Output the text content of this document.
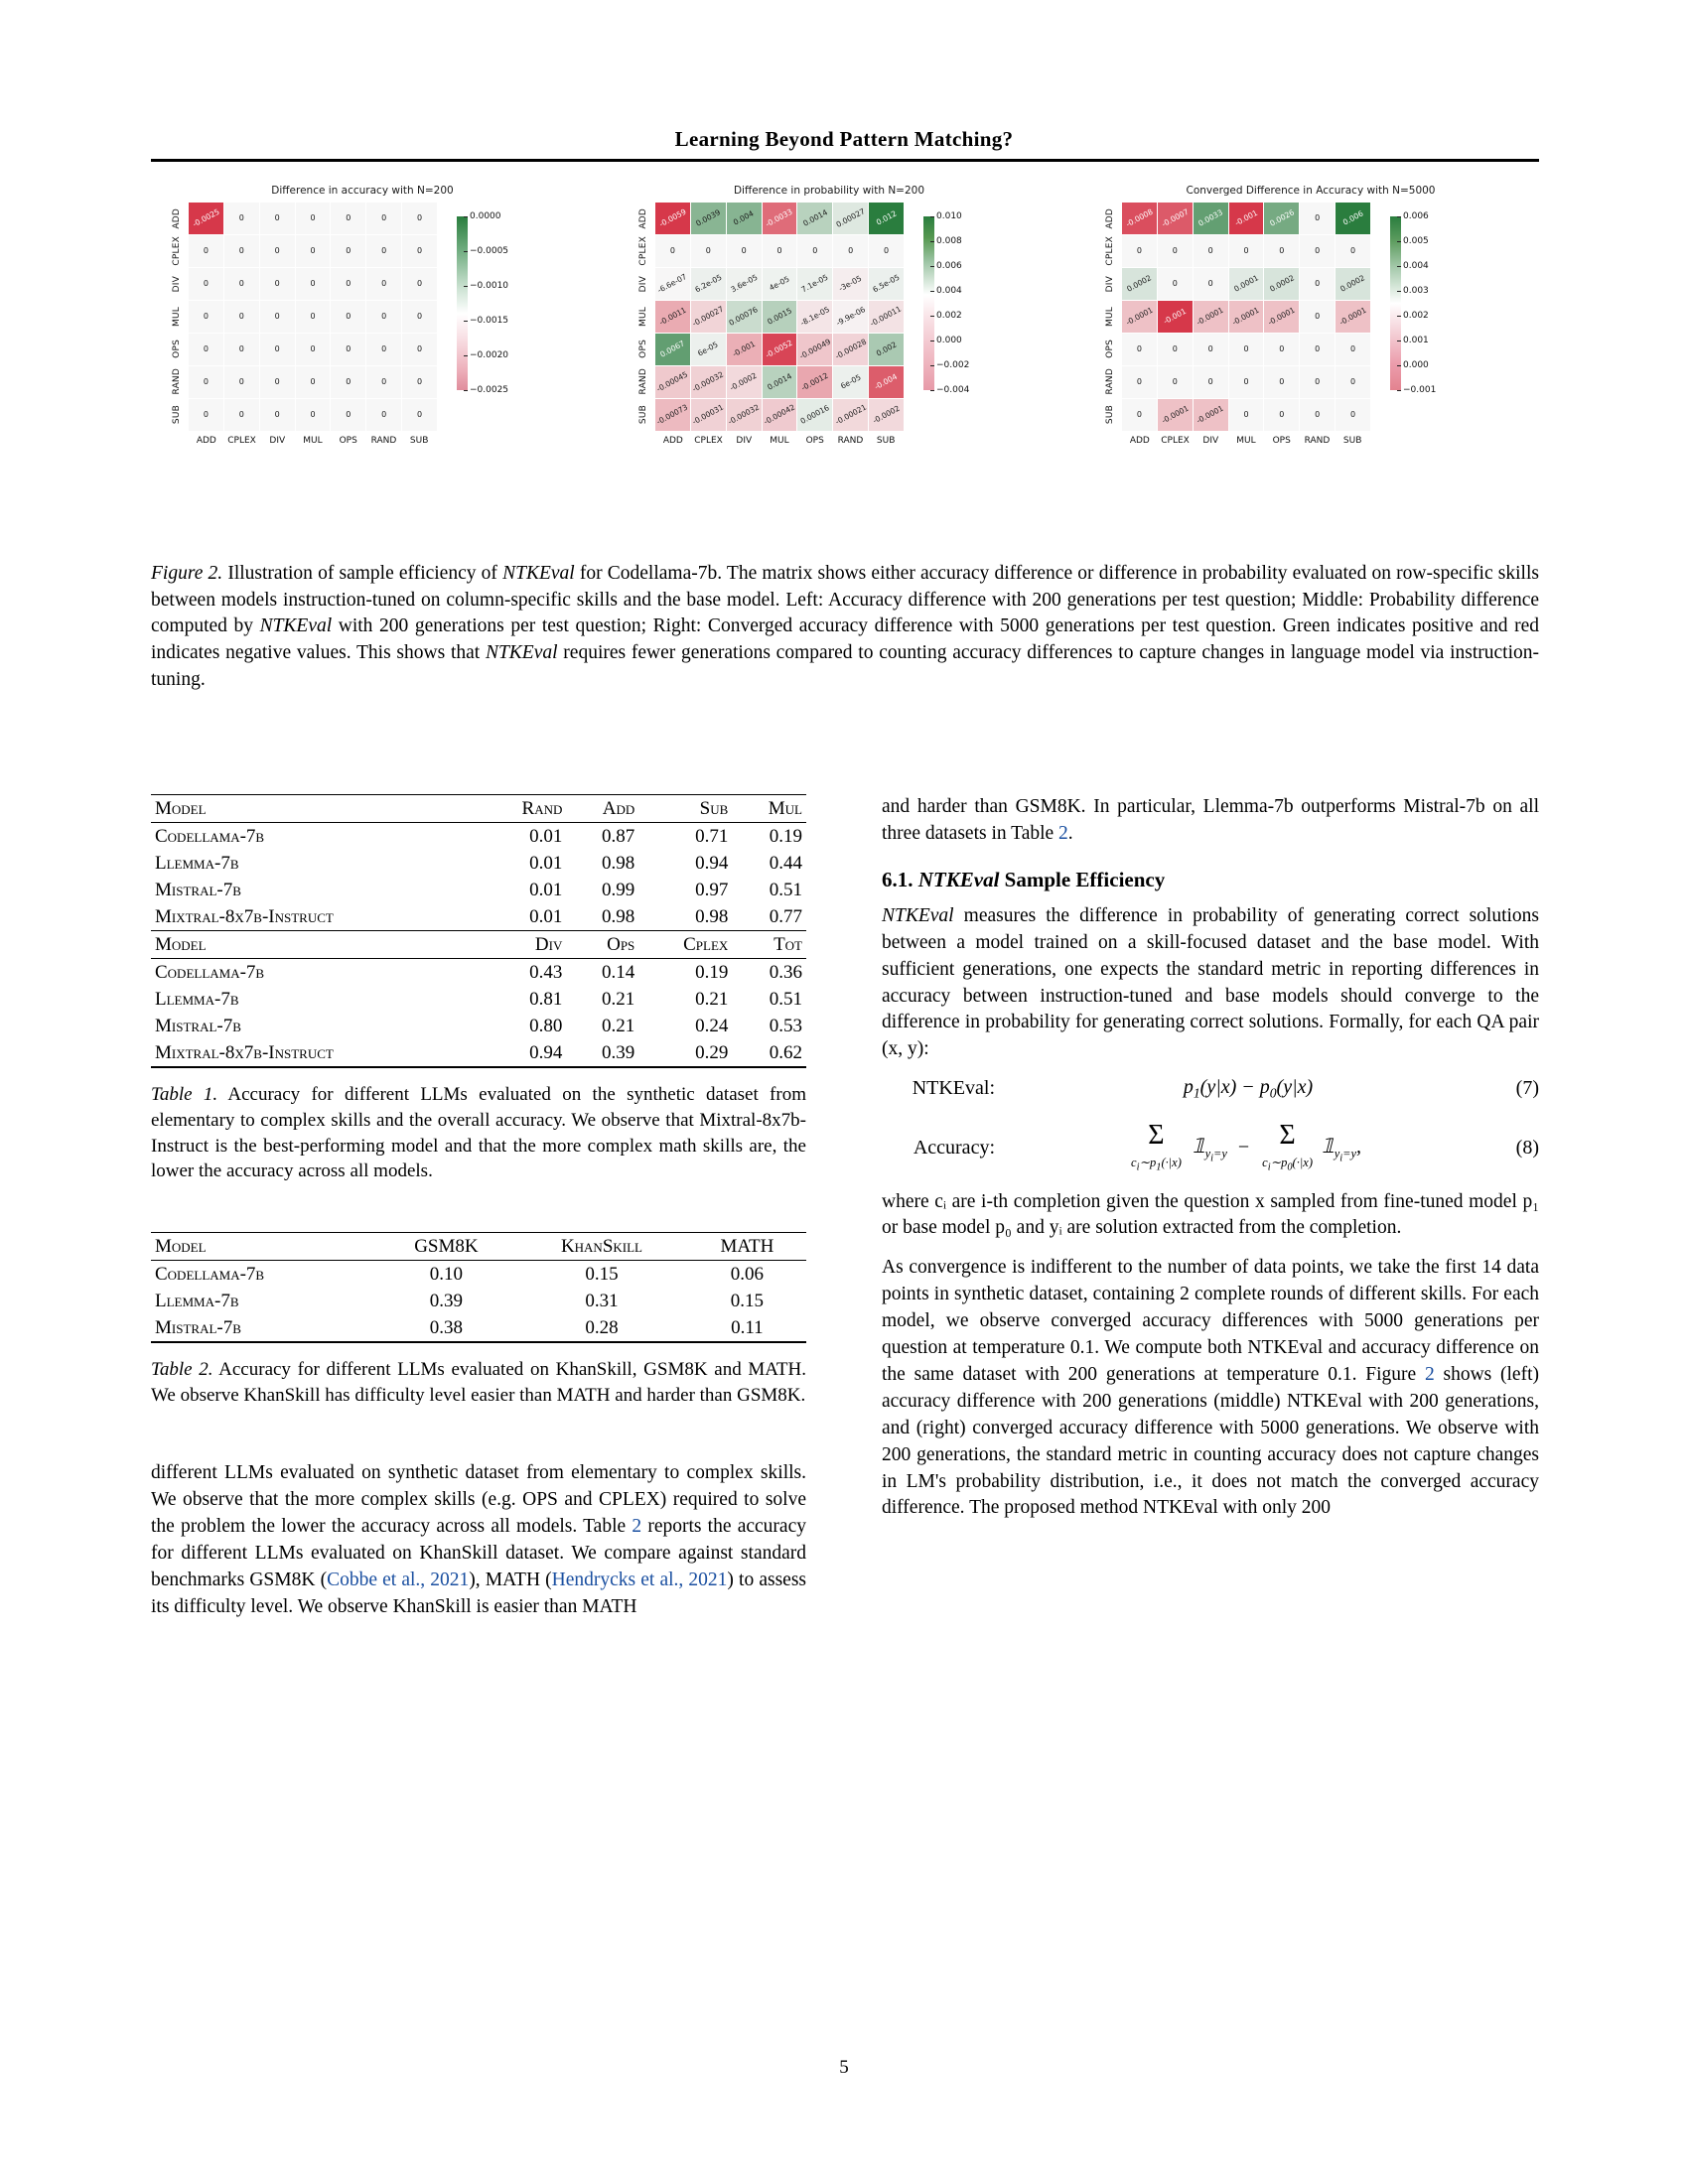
Learning Beyond Pattern Matching?
Difference in accuracy with N=200
ADD
CPLEX
DIV
MUL
OPS
RAND
SUB
-0.0025 0	0	0	0	0	0
0	0	0	0	0	0	0
0	0	0	0	0	0	0
0	0	0	0	0	0	0
0	0	0	0	0	0	0
0	0	0	0	0	0	0
0	0	0	0	0	0	0
ADD	CPLEX	DIV	MUL	OPS	RAND	SUB
0.0000
−0.0005
−0.0010
−0.0015
−0.0020
−0.0025
Difference in probability with N=200
ADD
CPLEX
DIV
MUL
OPS
RAND
SUB
-0.0059 0.0039 0.004 -0.0033 0.0014 0.00027 0.012
0	0	0	0	0	0	0
-6.6e-07 6.2e-05 3.6e-05 4e-05 7.1e-05 -3e-05 6.5e-05
-0.0011 -0.00027 0.00076 0.0015 -8.1e-05 -9.9e-06 -0.00011
0.0067 6e-05 -0.001 -0.0052 -0.00049 -0.00028 0.002
-0.00045 -0.00032 -0.0002 0.0014 -0.0012 6e-05 -0.004
-0.00073 -0.00031 -0.00032 -0.00042 0.00016 -0.00021 -0.0002
ADD	CPLEX	DIV	MUL	OPS	RAND	SUB
0.010
0.008
0.006
0.004
0.002
0.000
−0.002
−0.004
Converged Difference in Accuracy with N=5000
ADD
CPLEX
DIV
MUL
OPS
RAND
SUB
-0.0008 -0.0007 0.0033 -0.001 0.0026 0	0.006
0	0	0	0	0	0	0
0.0002 0	0	0.0001 0.0002 0	0.0002
-0.0001 -0.001 -0.0001 -0.0001 -0.0001 0 -0.0001
0	0	0	0	0	0	0
0	0	0	0	0	0	0
0 -0.0001 -0.0001 0	0	0	0
ADD	CPLEX	DIV	MUL	OPS	RAND	SUB
0.006
0.005
0.004
0.003
0.002
0.001
0.000
−0.001
Figure 2. Illustration of sample efficiency of NTKEval for Codellama-7b. The matrix shows either accuracy difference or difference in probability evaluated on row-specific skills between models instruction-tuned on column-specific skills and the base model. Left: Accuracy difference with 200 generations per test question; Middle: Probability difference computed by NTKEval with 200 generations per test question; Right: Converged accuracy difference with 5000 generations per test question. Green indicates positive and red indicates negative values. This shows that NTKEval requires fewer generations compared to counting accuracy differences to capture changes in language model via instruction-tuning.
Model	Rand	Add	Sub	Mul
Codellama-7b	0.01	0.87	0.71	0.19
Llemma-7b	0.01	0.98	0.94	0.44
Mistral-7b	0.01	0.99	0.97	0.51
Mixtral-8x7b-Instruct	0.01	0.98	0.98	0.77
Model	Div	Ops	Cplex	Tot
Codellama-7b	0.43	0.14	0.19	0.36
Llemma-7b	0.81	0.21	0.21	0.51
Mistral-7b	0.80	0.21	0.24	0.53
Mixtral-8x7b-Instruct	0.94	0.39	0.29	0.62
Table 1. Accuracy for different LLMs evaluated on the synthetic dataset from elementary to complex skills and the overall accuracy. We observe that Mixtral-8x7b-Instruct is the best-performing model and that the more complex math skills are, the lower the accuracy across all models.
Model	GSM8K	KhanSkill	MATH
Codellama-7b	0.10	0.15	0.06
Llemma-7b	0.39	0.31	0.15
Mistral-7b	0.38	0.28	0.11
Table 2. Accuracy for different LLMs evaluated on KhanSkill, GSM8K and MATH. We observe KhanSkill has difficulty level easier than MATH and harder than GSM8K.

different LLMs evaluated on synthetic dataset from elementary to complex skills. We observe that the more complex skills (e.g. OPS and CPLEX) required to solve the problem the lower the accuracy across all models. Table 2 reports the accuracy for different LLMs evaluated on KhanSkill dataset. We compare against standard benchmarks GSM8K (Cobbe et al., 2021), MATH (Hendrycks et al., 2021) to assess its difficulty level. We observe KhanSkill is easier than MATH

and harder than GSM8K. In particular, Llemma-7b outperforms Mistral-7b on all three datasets in Table 2.

6.1. NTKEval Sample Efficiency

NTKEval measures the difference in probability of generating correct solutions between a model trained on a skill-focused dataset and the base model. With sufficient generations, one expects the standard metric in reporting differences in accuracy between instruction-tuned and base models should converge to the difference in probability for generating correct solutions. Formally, for each QA pair (x, y):

NTKEval:	$p_1(y|x) - p_0(y|x)$	(7)
Accuracy:	Σ
$c_i\sim p_1(\cdot|x)$ $𝟙_{y_i=y} - \Sigma$
$c_i\sim p_0(\cdot|x)$ $𝟙_{y_i=y}$,	(8)

where cᵢ are i-th completion given the question x sampled from fine-tuned model p₁ or base model p₀ and yᵢ are solution extracted from the completion.

As convergence is indifferent to the number of data points, we take the first 14 data points in synthetic dataset, containing 2 complete rounds of different skills. For each model, we observe converged accuracy differences with 5000 generations per question at temperature 0.1. We compute both NTKEval and accuracy difference on the same dataset with 200 generations at temperature 0.1. Figure 2 shows (left) accuracy difference with 200 generations (middle) NTKEval with 200 generations, and (right) converged accuracy difference with 5000 generations. We observe with 200 generations, the standard metric in counting accuracy does not capture changes in LM's probability distribution, i.e., it does not match the converged accuracy difference. The proposed method NTKEval with only 200

5
